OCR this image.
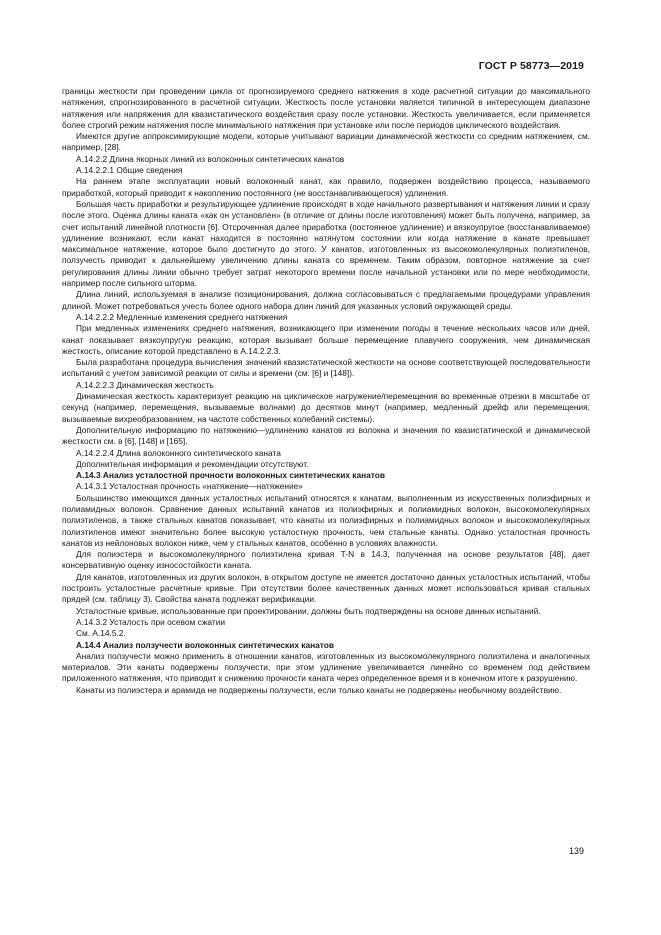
ГОСТ Р 58773—2019

границы жесткости при проведении цикла от прогнозируемого среднего натяжения в ходе расчетной ситуации до максимального натяжения, спрогнозированного в расчетной ситуации. Жесткость после установки является типичной в интересующем диапазоне натяжения или напряжения для квазистатического воздействия сразу после установки. Жесткость увеличивается, если применяется более строгий режим натяжения после минимального натяжения при установке или после периодов циклического воздействия.

Имеются другие аппроксимирующие модели, которые учитывают вариации динамической жесткости со средним натяжением, см. например, [28].

А.14.2.2 Длина якорных линий из волоконных синтетических канатов

А.14.2.2.1 Общие сведения

На раннем этапе эксплуатации новый волоконный канат, как правило, подвержен воздействию процесса, называемого приработкой, который приводит к накоплению постоянного (не восстанавливающегося) удлинения.

Большая часть приработки и результирующее удлинение происходят в ходе начального развертывания и натяжения линии и сразу после этого. Оценка длины каната «как он установлен» (в отличие от длины после изготовления) может быть получена, например, за счет испытаний линейной плотности [6]. Отсроченная далее приработка (постоянное удлинение) и вязкоупругое (восстанавливаемое) удлинение возникают, если канат находится в постоянно натянутом состоянии или когда натяжение в канате превышает максимальное натяжение, которое было достигнуто до этого. У канатов, изготовленных из высокомолекулярных полиэтиленов, ползучесть приводит к дальнейшему увеличению длины каната со временем. Таким образом, повторное натяжение за счет регулирования длины линии обычно требует затрат некоторого времени после начальной установки или по мере необходимости, например после сильного шторма.

Длина линий, используемая в анализе позиционирования, должна согласовываться с предлагаемыми процедурами управления длиной. Может потребоваться учесть более одного набора длин линий для указанных условий окружающей среды.

А.14.2.2.2 Медленные изменения среднего натяжения

При медленных изменениях среднего натяжения, возникающего при изменении погоды в течение нескольких часов или дней, канат показывает вязкоупругую реакцию, которая вызывает больше перемещение плавучего сооружения, чем динамическая жесткость, описание которой представлено в А.14.2.2.3.

Была разработана процедура вычисления значений квазистатической жесткости на основе соответствующей последовательности испытаний с учетом зависимой реакции от силы и времени (см. [6] и [148]).

А.14.2.2.3 Динамическая жесткость

Динамическая жесткость характеризует реакцию на циклическое нагружение/перемещения во временные отрезки в масштабе от секунд (например, перемещения, вызываемые волнами) до десятков минут (например, медленный дрейф или перемещения, вызываемые вихреобразованием, на частоте собственных колебаний системы).

Дополнительную информацию по натяжению—удлинению канатов из волокна и значения по квазистатической и динамической жесткости см. в [6], [148] и [165].

А.14.2.2.4 Длина волоконного синтетического каната

Дополнительная информация и рекомендации отсутствуют.

А.14.3 Анализ усталостной прочности волоконных синтетических канатов

А.14.3.1 Усталостная прочность «натяжение—натяжение»

Большинство имеющихся данных усталостных испытаний относятся к канатам, выполненным из искусственных полиэфирных и полиамидных волокон. Сравнение данных испытаний канатов из полиэфирных и полиамидных волокон, высокомолекулярных полиэтиленов, а также стальных канатов показывает, что канаты из полиэфирных и полиамидных волокон и высокомолекулярных полиэтиленов имеют значительно более высокую усталостную прочность, чем стальные канаты. Однако усталостная прочность канатов из нейлоновых волокон ниже, чем у стальных канатов, особенно в условиях влажности.

Для полиэстера и высокомолекулярного полиэтилена кривая T-N в 14.3, полученная на основе результатов [48], дает консервативную оценку износостойкости каната.

Для канатов, изготовленных из других волокон, в открытом доступе не имеется достаточно данных усталостных испытаний, чтобы построить усталостные расчетные кривые. При отсутствии более качественных данных может использоваться кривая стальных прядей (см. таблицу 3). Свойства каната подлежат верификации.

Усталостные кривые, использованные при проектировании, должны быть подтверждены на основе данных испытаний.

А.14.3.2 Усталость при осевом сжатии

См. А.14.5.2.

А.14.4 Анализ ползучести волоконных синтетических канатов

Анализ ползучести можно применить в отношении канатов, изготовленных из высокомолекулярного полиэтилена и аналогичных материалов. Эти канаты подвержены ползучести, при этом удлинение увеличивается линейно со временем под действием приложенного натяжения, что приводит к снижению прочности каната через определенное время и в конечном итоге к разрушению.

Канаты из полиэстера и арамида не подвержены ползучести, если только канаты не подвержены необычному воздействию.

139
